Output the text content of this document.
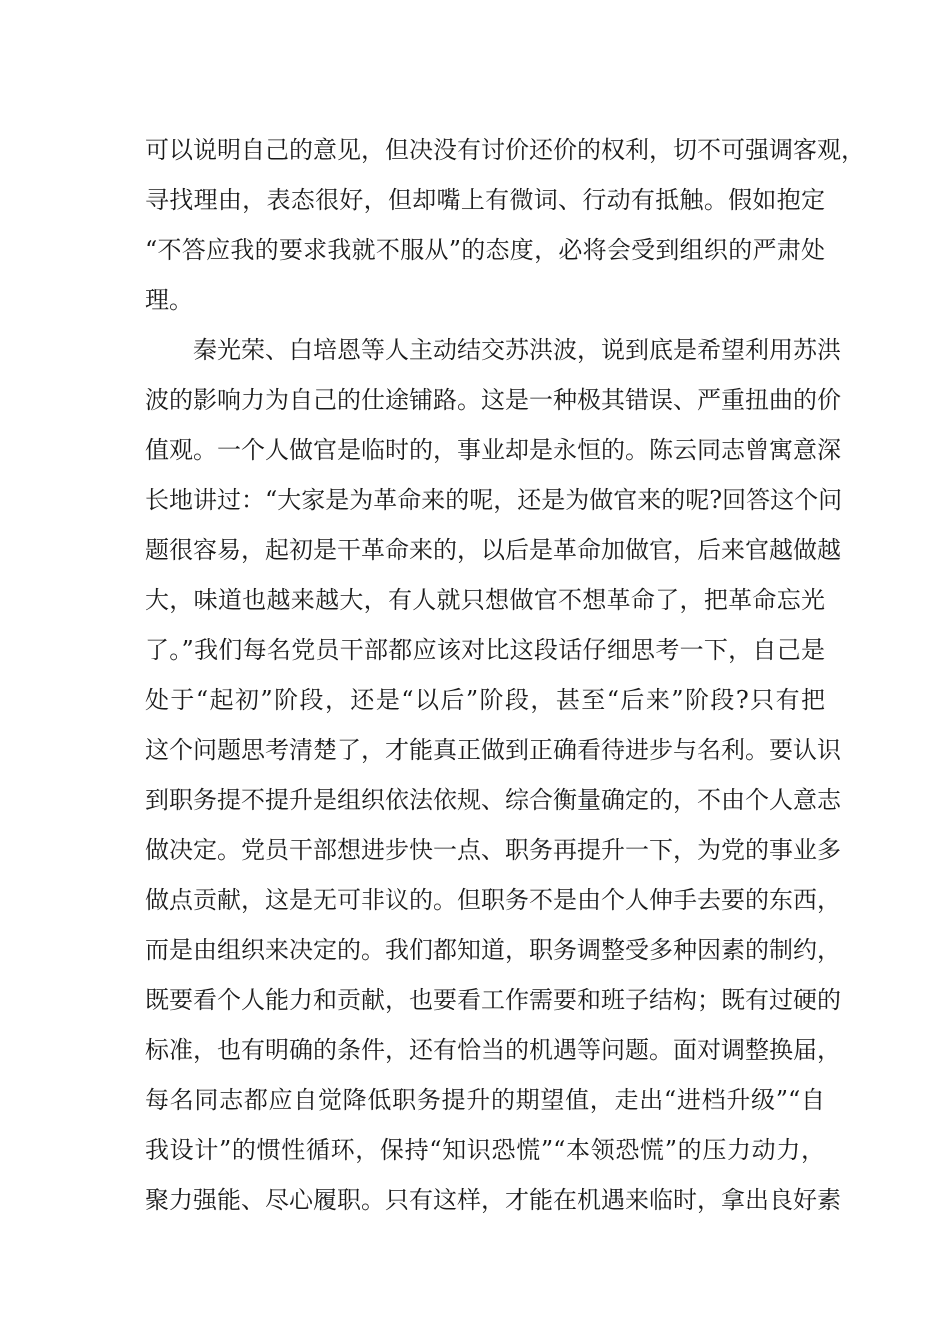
可以说明自己的意见，但决没有讨价还价的权利，切不可强调客观，
寻找理由，表态很好，但却嘴上有微词、行动有抵触。假如抱定
“不答应我的要求我就不服从”的态度，必将会受到组织的严肃处
理。
秦光荣、白培恩等人主动结交苏洪波，说到底是希望利用苏洪
波的影响力为自己的仕途铺路。这是一种极其错误、严重扭曲的价
值观。一个人做官是临时的，事业却是永恒的。陈云同志曾寓意深
长地讲过：“大家是为革命来的呢，还是为做官来的呢?回答这个问
题很容易，起初是干革命来的，以后是革命加做官，后来官越做越
大，味道也越来越大，有人就只想做官不想革命了，把革命忘光
了。”我们每名党员干部都应该对比这段话仔细思考一下，自己是
处于“起初”阶段，还是“以后”阶段，甚至“后来”阶段?只有把
这个问题思考清楚了，才能真正做到正确看待进步与名利。要认识
到职务提不提升是组织依法依规、综合衡量确定的，不由个人意志
做决定。党员干部想进步快一点、职务再提升一下，为党的事业多
做点贡献，这是无可非议的。但职务不是由个人伸手去要的东西，
而是由组织来决定的。我们都知道，职务调整受多种因素的制约，
既要看个人能力和贡献，也要看工作需要和班子结构；既有过硬的
标准，也有明确的条件，还有恰当的机遇等问题。面对调整换届，
每名同志都应自觉降低职务提升的期望值，走出“进档升级”“自
我设计”的惯性循环，保持“知识恐慌”“本领恐慌”的压力动力，
聚力强能、尽心履职。只有这样，才能在机遇来临时，拿出良好素
